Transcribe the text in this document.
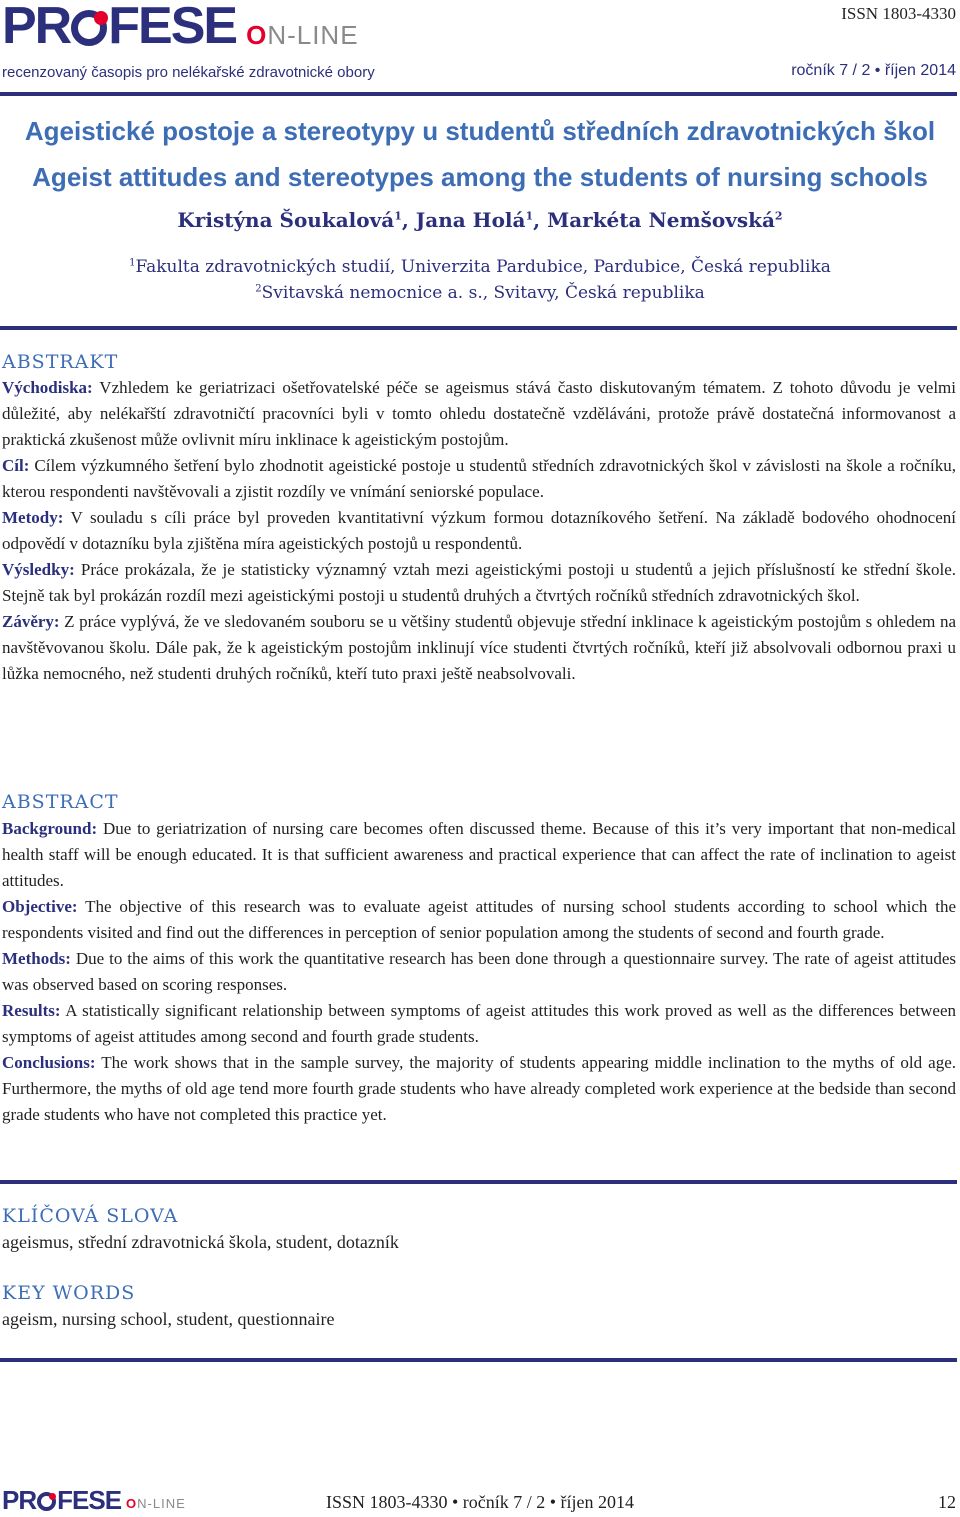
PR FESE ON-LINE
ISSN 1803-4330
recenzovaný časopis pro nelékařské zdravotnické obory	ročník 7 / 2 • říjen 2014
Ageistické postoje a stereotypy u studentů středních zdravotnických škol
Ageist attitudes and stereotypes among the students of nursing schools
Kristýna Šoukalová$^1$, Jana Holá$^1$, Markéta Nemšovská$^2$
$^1$Fakulta zdravotnických studií, Univerzita Pardubice, Pardubice, Česká republika
$^2$Svitavská nemocnice a. s., Svitavy, Česká republika
ABSTRAKT

Východiska: Vzhledem ke geriatrizaci ošetřovatelské péče se ageismus stává často diskutovaným tématem. Z tohoto důvodu je velmi důležité, aby nelékařští zdravotničtí pracovníci byli v tomto ohledu dostatečně vzděláváni, protože právě dostatečná informovanost a praktická zkušenost může ovlivnit míru inklinace k ageistickým postojům.

Cíl: Cílem výzkumného šetření bylo zhodnotit ageistické postoje u studentů středních zdravotnických škol v závislosti na škole a ročníku, kterou respondenti navštěvovali a zjistit rozdíly ve vnímání seniorské populace.

Metody: V souladu s cíli práce byl proveden kvantitativní výzkum formou dotazníkového šetření. Na základě bodového ohodnocení odpovědí v dotazníku byla zjištěna míra ageistických postojů u respondentů.

Výsledky: Práce prokázala, že je statisticky významný vztah mezi ageistickými postoji u studentů a jejich příslušností ke střední škole. Stejně tak byl prokázán rozdíl mezi ageistickými postoji u studentů druhých a čtvrtých ročníků středních zdravotnických škol.

Závěry: Z práce vyplývá, že ve sledovaném souboru se u většiny studentů objevuje střední inklinace k ageistickým postojům s ohledem na navštěvovanou školu. Dále pak, že k ageistickým postojům inklinují více studenti čtvrtých ročníků, kteří již absolvovali odbornou praxi u lůžka nemocného, než studenti druhých ročníků, kteří tuto praxi ještě neabsolvovali.

ABSTRACT

Background: Due to geriatrization of nursing care becomes often discussed theme. Because of this it’s very important that non-medical health staff will be enough educated. It is that sufficient awareness and practical experience that can affect the rate of inclination to ageist attitudes.

Objective: The objective of this research was to evaluate ageist attitudes of nursing school students according to school which the respondents visited and find out the differences in perception of senior population among the students of second and fourth grade.

Methods: Due to the aims of this work the quantitative research has been done through a questionnaire survey. The rate of ageist attitudes was observed based on scoring responses.

Results: A statistically significant relationship between symptoms of ageist attitudes this work proved as well as the differences between symptoms of ageist attitudes among second and fourth grade students.

Conclusions: The work shows that in the sample survey, the majority of students appearing middle inclination to the myths of old age. Furthermore, the myths of old age tend more fourth grade students who have already completed work experience at the bedside than second grade students who have not completed this practice yet.

KLÍČOVÁ SLOVA
ageismus, střední zdravotnická škola, student, dotazník
KEY WORDS
ageism, nursing school, student, questionnaire
PR FESE ON-LINE	ISSN 1803-4330 • ročník 7 / 2 • říjen 2014	12
